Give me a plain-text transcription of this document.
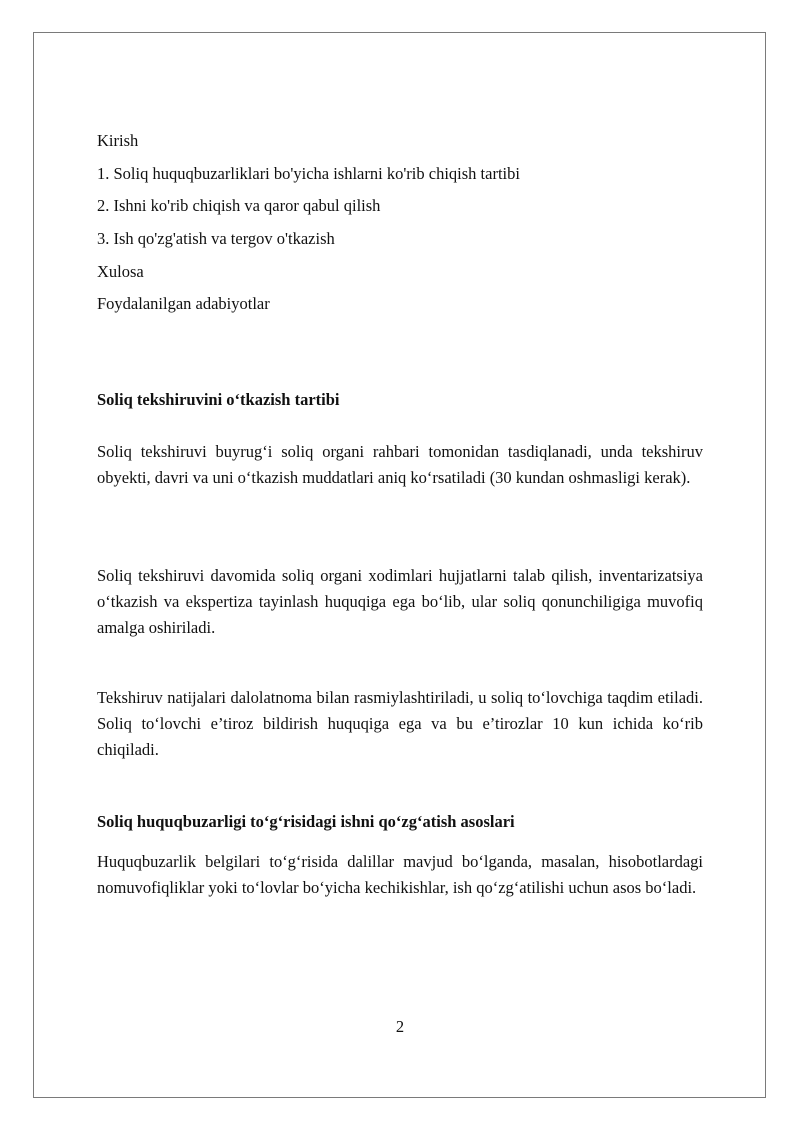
Kirish
1. Soliq huquqbuzarliklari bo'yicha ishlarni ko'rib chiqish tartibi
2. Ishni ko'rib chiqish va qaror qabul qilish
3. Ish qo'zg'atish va tergov o'tkazish
Xulosa
Foydalanilgan adabiyotlar
Soliq tekshiruvini o‘tkazish tartibi
Soliq tekshiruvi buyrug‘i soliq organi rahbari tomonidan tasdiqlanadi, unda tekshiruv obyekti, davri va uni o‘tkazish muddatlari aniq ko‘rsatiladi (30 kundan oshmasligi kerak).
Soliq tekshiruvi davomida soliq organi xodimlari hujjatlarni talab qilish, inventarizatsiya o‘tkazish va ekspertiza tayinlash huquqiga ega bo‘lib, ular soliq qonunchiligiga muvofiq amalga oshiriladi.
Tekshiruv natijalari dalolatnoma bilan rasmiylashtiriladi, u soliq to‘lovchiga taqdim etiladi. Soliq to‘lovchi e’tiroz bildirish huquqiga ega va bu e’tirozlar 10 kun ichida ko‘rib chiqiladi.
Soliq huquqbuzarligi to‘g‘risidagi ishni qo‘zg‘atish asoslari
Huquqbuzarlik belgilari to‘g‘risida dalillar mavjud bo‘lganda, masalan, hisobotlardagi nomuvofiqliklar yoki to‘lovlar bo‘yicha kechikishlar, ish qo‘zg‘atilishi uchun asos bo‘ladi.
2
